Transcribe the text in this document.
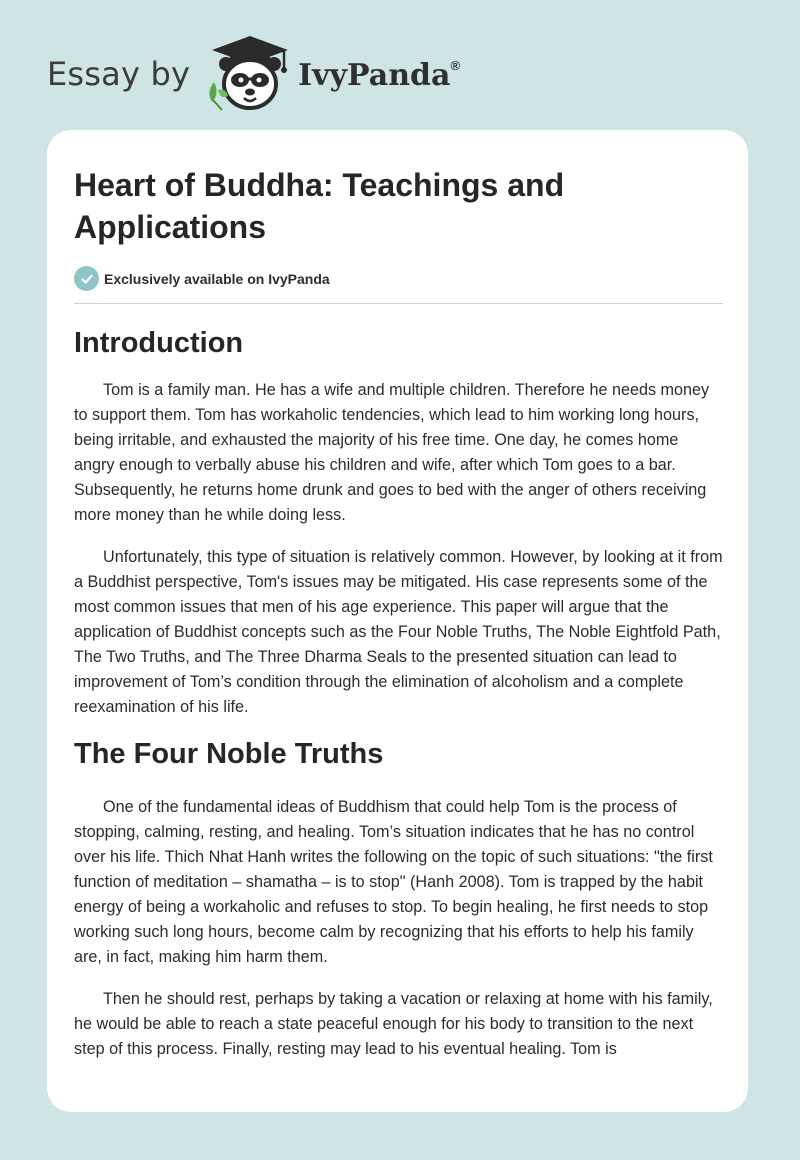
Essay by	IvyPanda®
Heart of Buddha: Teachings and Applications
Exclusively available on IvyPanda
Introduction

Tom is a family man. He has a wife and multiple children. Therefore he needs money to support them. Tom has workaholic tendencies, which lead to him working long hours, being irritable, and exhausted the majority of his free time. One day, he comes home angry enough to verbally abuse his children and wife, after which Tom goes to a bar. Subsequently, he returns home drunk and goes to bed with the anger of others receiving more money than he while doing less.

Unfortunately, this type of situation is relatively common. However, by looking at it from a Buddhist perspective, Tom's issues may be mitigated. His case represents some of the most common issues that men of his age experience. This paper will argue that the application of Buddhist concepts such as the Four Noble Truths, The Noble Eightfold Path, The Two Truths, and The Three Dharma Seals to the presented situation can lead to improvement of Tom’s condition through the elimination of alcoholism and a complete reexamination of his life.

The Four Noble Truths

One of the fundamental ideas of Buddhism that could help Tom is the process of stopping, calming, resting, and healing. Tom’s situation indicates that he has no control over his life. Thich Nhat Hanh writes the following on the topic of such situations: "the first function of meditation – shamatha – is to stop" (Hanh 2008). Tom is trapped by the habit energy of being a workaholic and refuses to stop. To begin healing, he first needs to stop working such long hours, become calm by recognizing that his efforts to help his family are, in fact, making him harm them.

Then he should rest, perhaps by taking a vacation or relaxing at home with his family, he would be able to reach a state peaceful enough for his body to transition to the next step of this process. Finally, resting may lead to his eventual healing. Tom is
